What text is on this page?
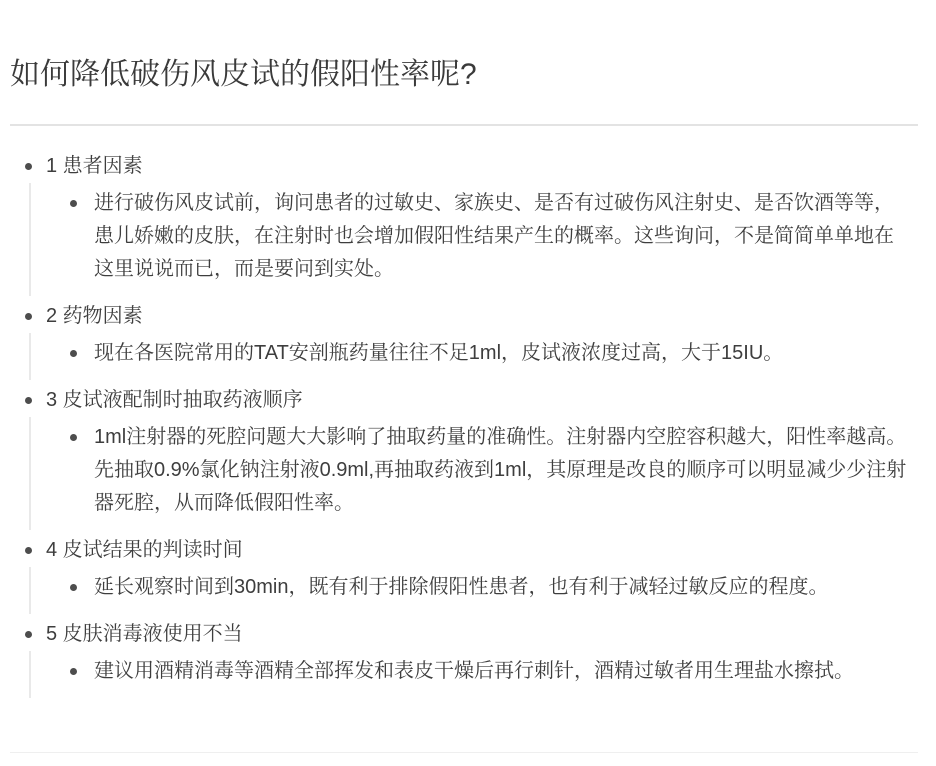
如何降低破伤风皮试的假阳性率呢?
1 患者因素
进行破伤风皮试前，询问患者的过敏史、家族史、是否有过破伤风注射史、是否饮酒等等，患儿娇嫩的皮肤，在注射时也会增加假阳性结果产生的概率。这些询问，不是简简单单地在这里说说而已，而是要问到实处。
2 药物因素
现在各医院常用的TAT安剖瓶药量往往不足1ml，皮试液浓度过高，大于15IU。
3 皮试液配制时抽取药液顺序
1ml注射器的死腔问题大大影响了抽取药量的准确性。注射器内空腔容积越大，阳性率越高。先抽取0.9%氯化钠注射液0.9ml,再抽取药液到1ml，其原理是改良的顺序可以明显减少少注射器死腔，从而降低假阳性率。
4 皮试结果的判读时间
延长观察时间到30min，既有利于排除假阳性患者，也有利于减轻过敏反应的程度。
5 皮肤消毒液使用不当
建议用酒精消毒等酒精全部挥发和表皮干燥后再行刺针，酒精过敏者用生理盐水擦拭。
